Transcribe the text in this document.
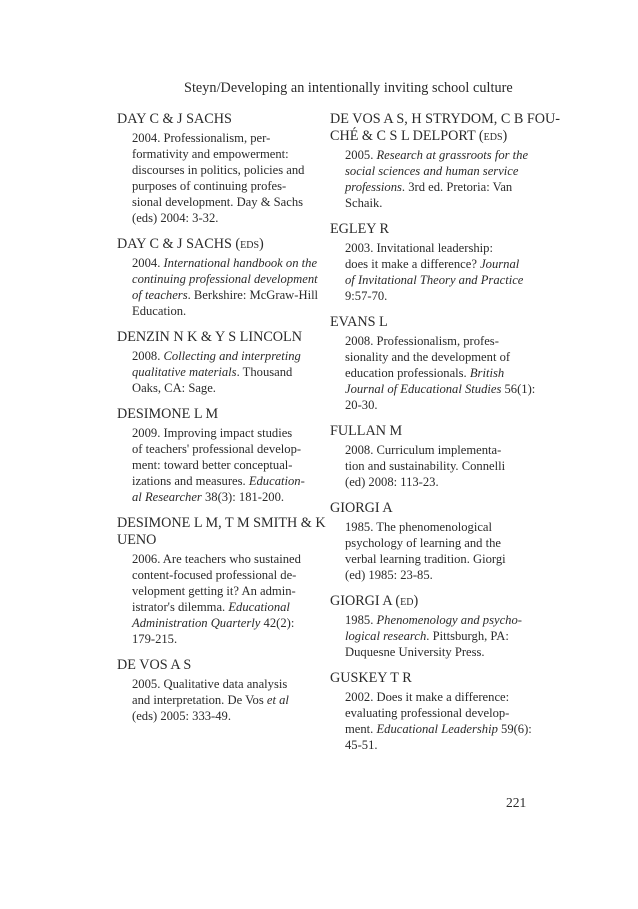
Steyn/Developing an intentionally inviting school culture
DAY C & J SACHS
2004. Professionalism, per-
formativity and empowerment:
discourses in politics, policies and
purposes of continuing profes-
sional development. Day & Sachs
(eds) 2004: 3-32.
DAY C & J SACHS (eds)
2004. International handbook on the
continuing professional development
of teachers. Berkshire: McGraw-Hill
Education.
DENZIN N K & Y S LINCOLN
2008. Collecting and interpreting
qualitative materials. Thousand
Oaks, CA: Sage.
DESIMONE L M
2009. Improving impact studies
of teachers' professional develop-
ment: toward better conceptual-
izations and measures. Education-
al Researcher 38(3): 181-200.
DESIMONE L M, T M SMITH & K
UENO
2006. Are teachers who sustained
content-focused professional de-
velopment getting it? An admin-
istrator's dilemma. Educational
Administration Quarterly 42(2):
179-215.
DE VOS A S
2005. Qualitative data analysis
and interpretation. De Vos et al
(eds) 2005: 333-49.
DE VOS A S, H STRYDOM, C B FOU-
CHÉ & C S L DELPORT (eds)
2005. Research at grassroots for the
social sciences and human service
professions. 3rd ed. Pretoria: Van
Schaik.
EGLEY R
2003. Invitational leadership:
does it make a difference? Journal
of Invitational Theory and Practice
9:57-70.
EVANS L
2008. Professionalism, profes-
sionality and the development of
education professionals. British
Journal of Educational Studies 56(1):
20-30.
FULLAN M
2008. Curriculum implementa-
tion and sustainability. Connelli
(ed) 2008: 113-23.
GIORGI A
1985. The phenomenological
psychology of learning and the
verbal learning tradition. Giorgi
(ed) 1985: 23-85.
GIORGI A (ed)
1985. Phenomenology and psycho-
logical research. Pittsburgh, PA:
Duquesne University Press.
GUSKEY T R
2002. Does it make a difference:
evaluating professional develop-
ment. Educational Leadership 59(6):
45-51.
221
